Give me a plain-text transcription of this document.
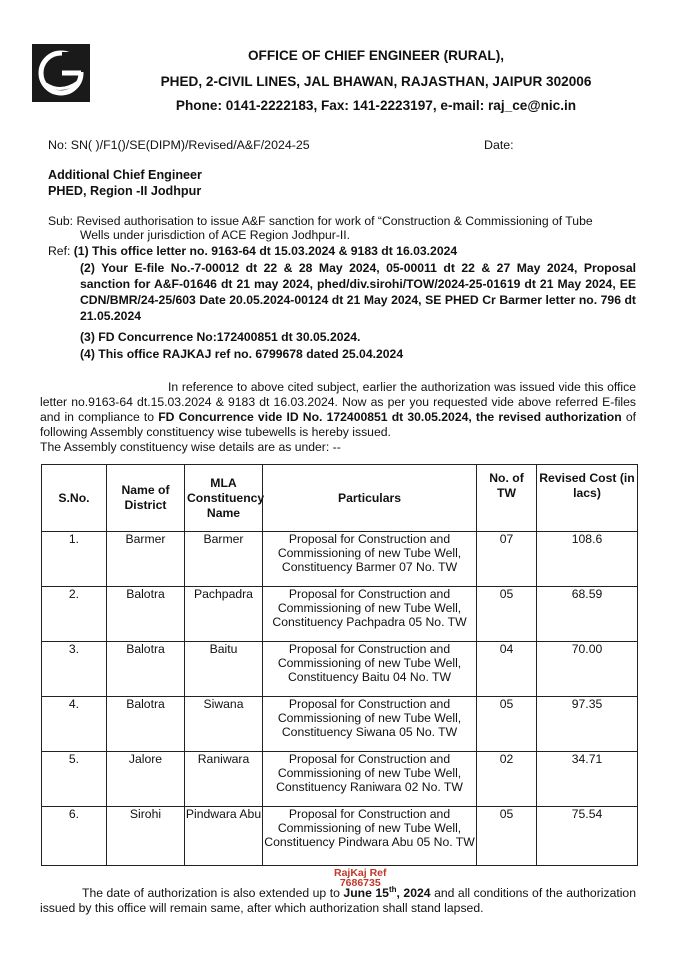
OFFICE OF CHIEF ENGINEER (RURAL),
PHED, 2-CIVIL LINES, JAL BHAWAN, RAJASTHAN, JAIPUR 302006
Phone: 0141-2222183, Fax: 141-2223197, e-mail: raj_ce@nic.in
No: SN( )/F1()/SE(DIPM)/Revised/A&F/2024-25	Date:
Additional Chief Engineer
PHED, Region -II Jodhpur
Sub: Revised authorisation to issue A&F sanction for work of “Construction & Commissioning of Tube
Wells under jurisdiction of ACE Region Jodhpur-II.
Ref: (1) This office letter no. 9163-64 dt 15.03.2024 & 9183 dt 16.03.2024
(2) Your E-file No.-7-00012 dt 22 & 28 May 2024, 05-00011 dt 22 & 27 May 2024, Proposal sanction for A&F-01646 dt 21 may 2024, phed/div.sirohi/TOW/2024-25-01619 dt 21 May 2024, EE CDN/BMR/24-25/603 Date 20.05.2024-00124 dt 21 May 2024, SE PHED Cr Barmer letter no. 796 dt 21.05.2024
(3) FD Concurrence No:172400851 dt 30.05.2024.
(4) This office RAJKAJ ref no. 6799678 dated 25.04.2024
In reference to above cited subject, earlier the authorization was issued vide this office letter no.9163-64 dt.15.03.2024 & 9183 dt 16.03.2024. Now as per you requested vide above referred E-files and in compliance to FD Concurrence vide ID No. 172400851 dt 30.05.2024, the revised authorization of following Assembly constituency wise tubewells is hereby issued.
The Assembly constituency wise details are as under: --
S.No.	Name of District	MLA Constituency Name	Particulars	No. of TW	Revised Cost (in lacs)
1.	Barmer	Barmer	Proposal for Construction and Commissioning of new Tube Well, Constituency Barmer 07 No. TW	07	108.6
2.	Balotra	Pachpadra	Proposal for Construction and Commissioning of new Tube Well, Constituency Pachpadra 05 No. TW	05	68.59
3.	Balotra	Baitu	Proposal for Construction and Commissioning of new Tube Well, Constituency Baitu 04 No. TW	04	70.00
4.	Balotra	Siwana	Proposal for Construction and Commissioning of new Tube Well, Constituency Siwana 05 No. TW	05	97.35
5.	Jalore	Raniwara	Proposal for Construction and Commissioning of new Tube Well, Constituency Raniwara 02 No. TW	02	34.71
6.	Sirohi	Pindwara Abu	Proposal for Construction and Commissioning of new Tube Well, Constituency Pindwara Abu 05 No. TW	05	75.54
RajKaj Ref
7686735
The date of authorization is also extended up to June 15th, 2024 and all conditions of the authorization issued by this office will remain same, after which authorization shall stand lapsed.
